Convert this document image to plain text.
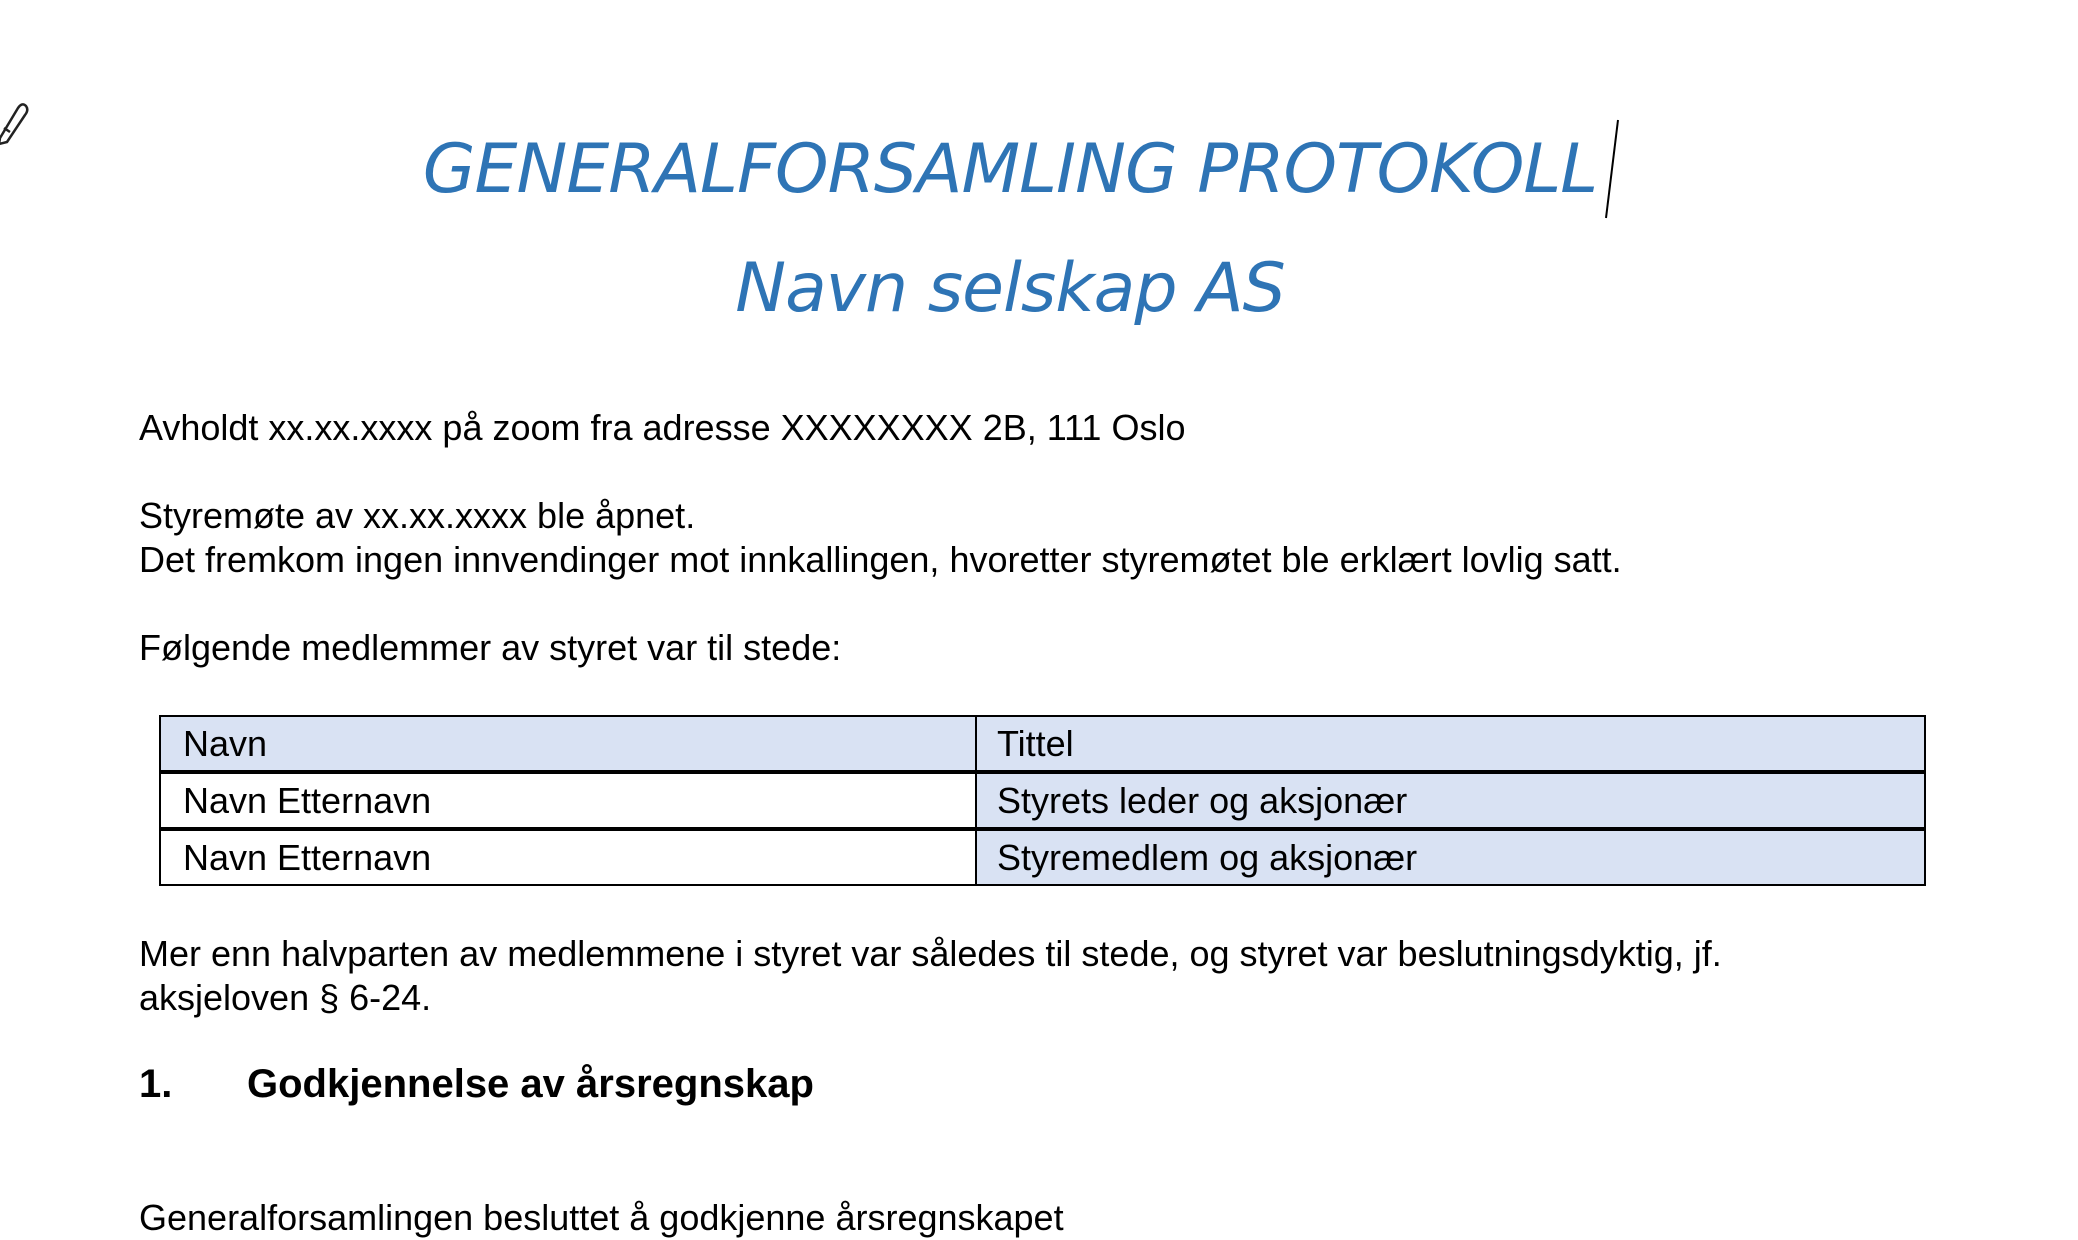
GENERALFORSAMLING PROTOKOLL
Navn selskap AS
Avholdt xx.xx.xxxx på zoom fra adresse XXXXXXXX 2B, 111 Oslo
Styremøte av xx.xx.xxxx ble åpnet.
Det fremkom ingen innvendinger mot innkallingen, hvoretter styremøtet ble erklært lovlig satt.
Følgende medlemmer av styret var til stede:
Navn	Tittel
Navn Etternavn	Styrets leder og aksjonær
Navn Etternavn	Styremedlem og aksjonær
Mer enn halvparten av medlemmene i styret var således til stede, og styret var beslutningsdyktig, jf.
aksjeloven § 6-24.
1. Godkjennelse av årsregnskap
Generalforsamlingen besluttet å godkjenne årsregnskapet
